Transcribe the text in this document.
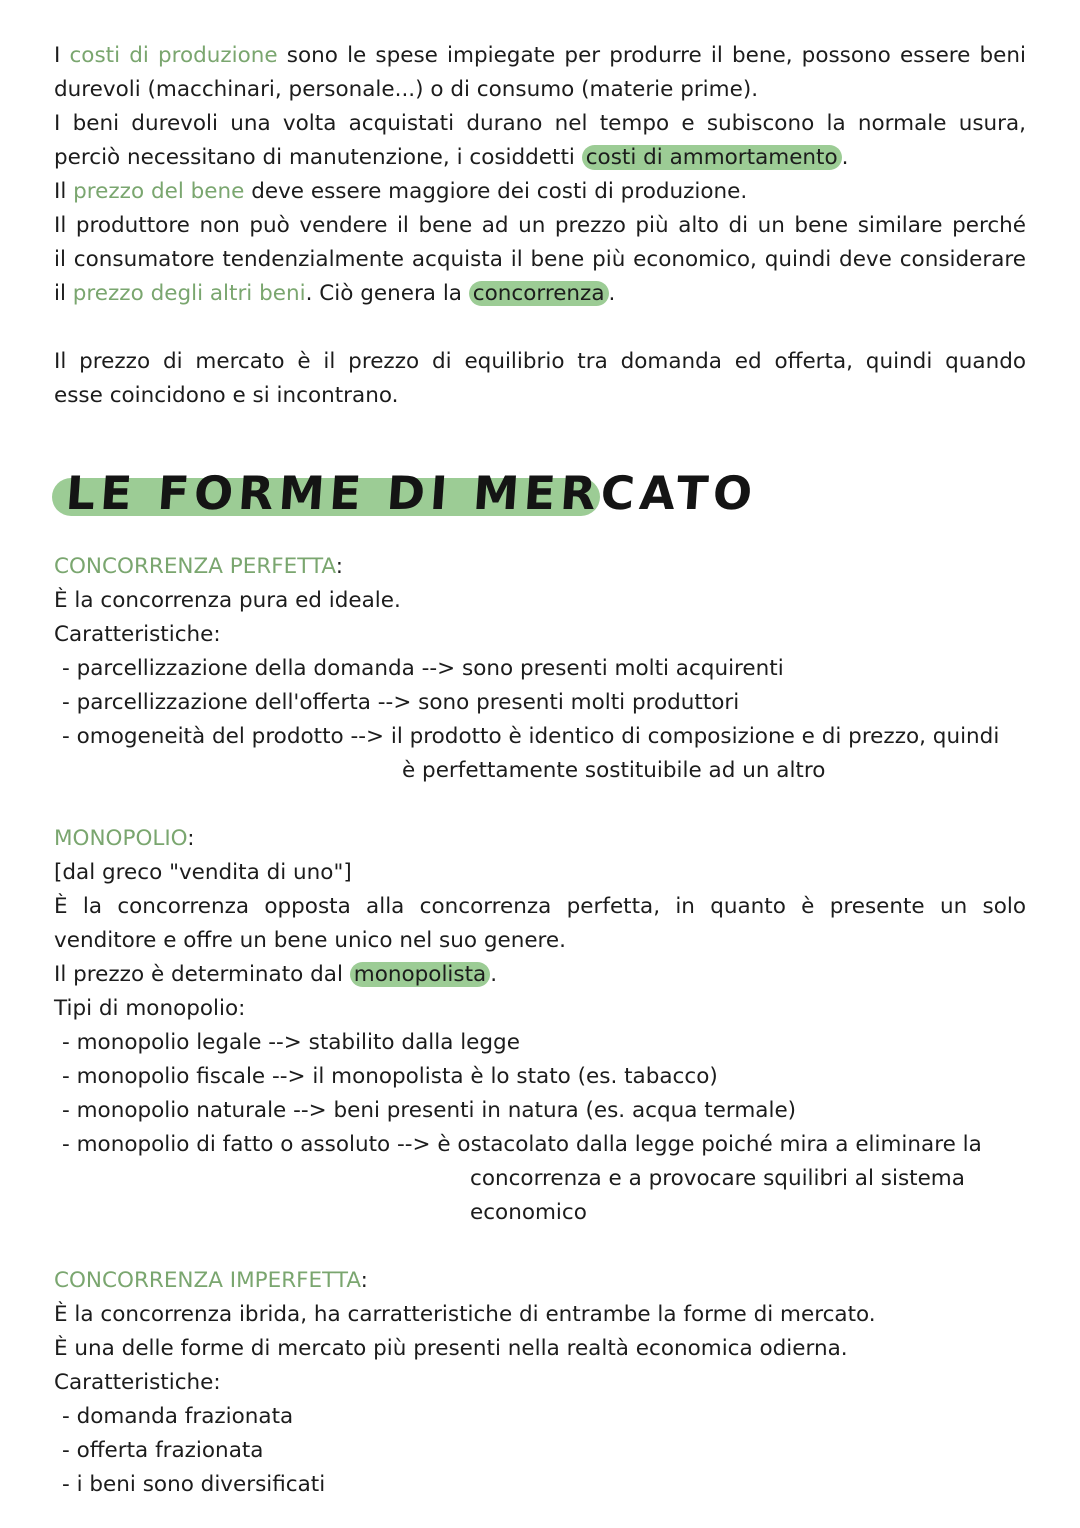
I costi di produzione sono le spese impiegate per produrre il bene, possono essere beni
durevoli (macchinari, personale...) o di consumo (materie prime).
I beni durevoli una volta acquistati durano nel tempo e subiscono la normale usura,
perciò necessitano di manutenzione, i cosiddetti costi di ammortamento .
Il prezzo del bene deve essere maggiore dei costi di produzione.
Il produttore non può vendere il bene ad un prezzo più alto di un bene similare perché
il consumatore tendenzialmente acquista il bene più economico, quindi deve considerare
il prezzo degli altri beni. Ciò genera la concorrenza .
Il prezzo di mercato è il prezzo di equilibrio tra domanda ed offerta, quindi quando
esse coincidono e si incontrano.
LE FORME DI MERCATO
CONCORRENZA PERFETTA:
È la concorrenza pura ed ideale.
Caratteristiche:
- parcellizzazione della domanda --> sono presenti molti acquirenti
- parcellizzazione dell'offerta --> sono presenti molti produttori
- omogeneità del prodotto --> il prodotto è identico di composizione e di prezzo, quindi
è perfettamente sostituibile ad un altro
MONOPOLIO:
[dal greco "vendita di uno"]
È la concorrenza opposta alla concorrenza perfetta, in quanto è presente un solo
venditore e offre un bene unico nel suo genere.
Il prezzo è determinato dal monopolista .
Tipi di monopolio:
- monopolio legale --> stabilito dalla legge
- monopolio fiscale --> il monopolista è lo stato (es. tabacco)
- monopolio naturale --> beni presenti in natura (es. acqua termale)
- monopolio di fatto o assoluto --> è ostacolato dalla legge poiché mira a eliminare la
concorrenza e a provocare squilibri al sistema
economico
CONCORRENZA IMPERFETTA:
È la concorrenza ibrida, ha carratteristiche di entrambe la forme di mercato.
È una delle forme di mercato più presenti nella realtà economica odierna.
Caratteristiche:
- domanda frazionata
- offerta frazionata
- i beni sono diversificati
